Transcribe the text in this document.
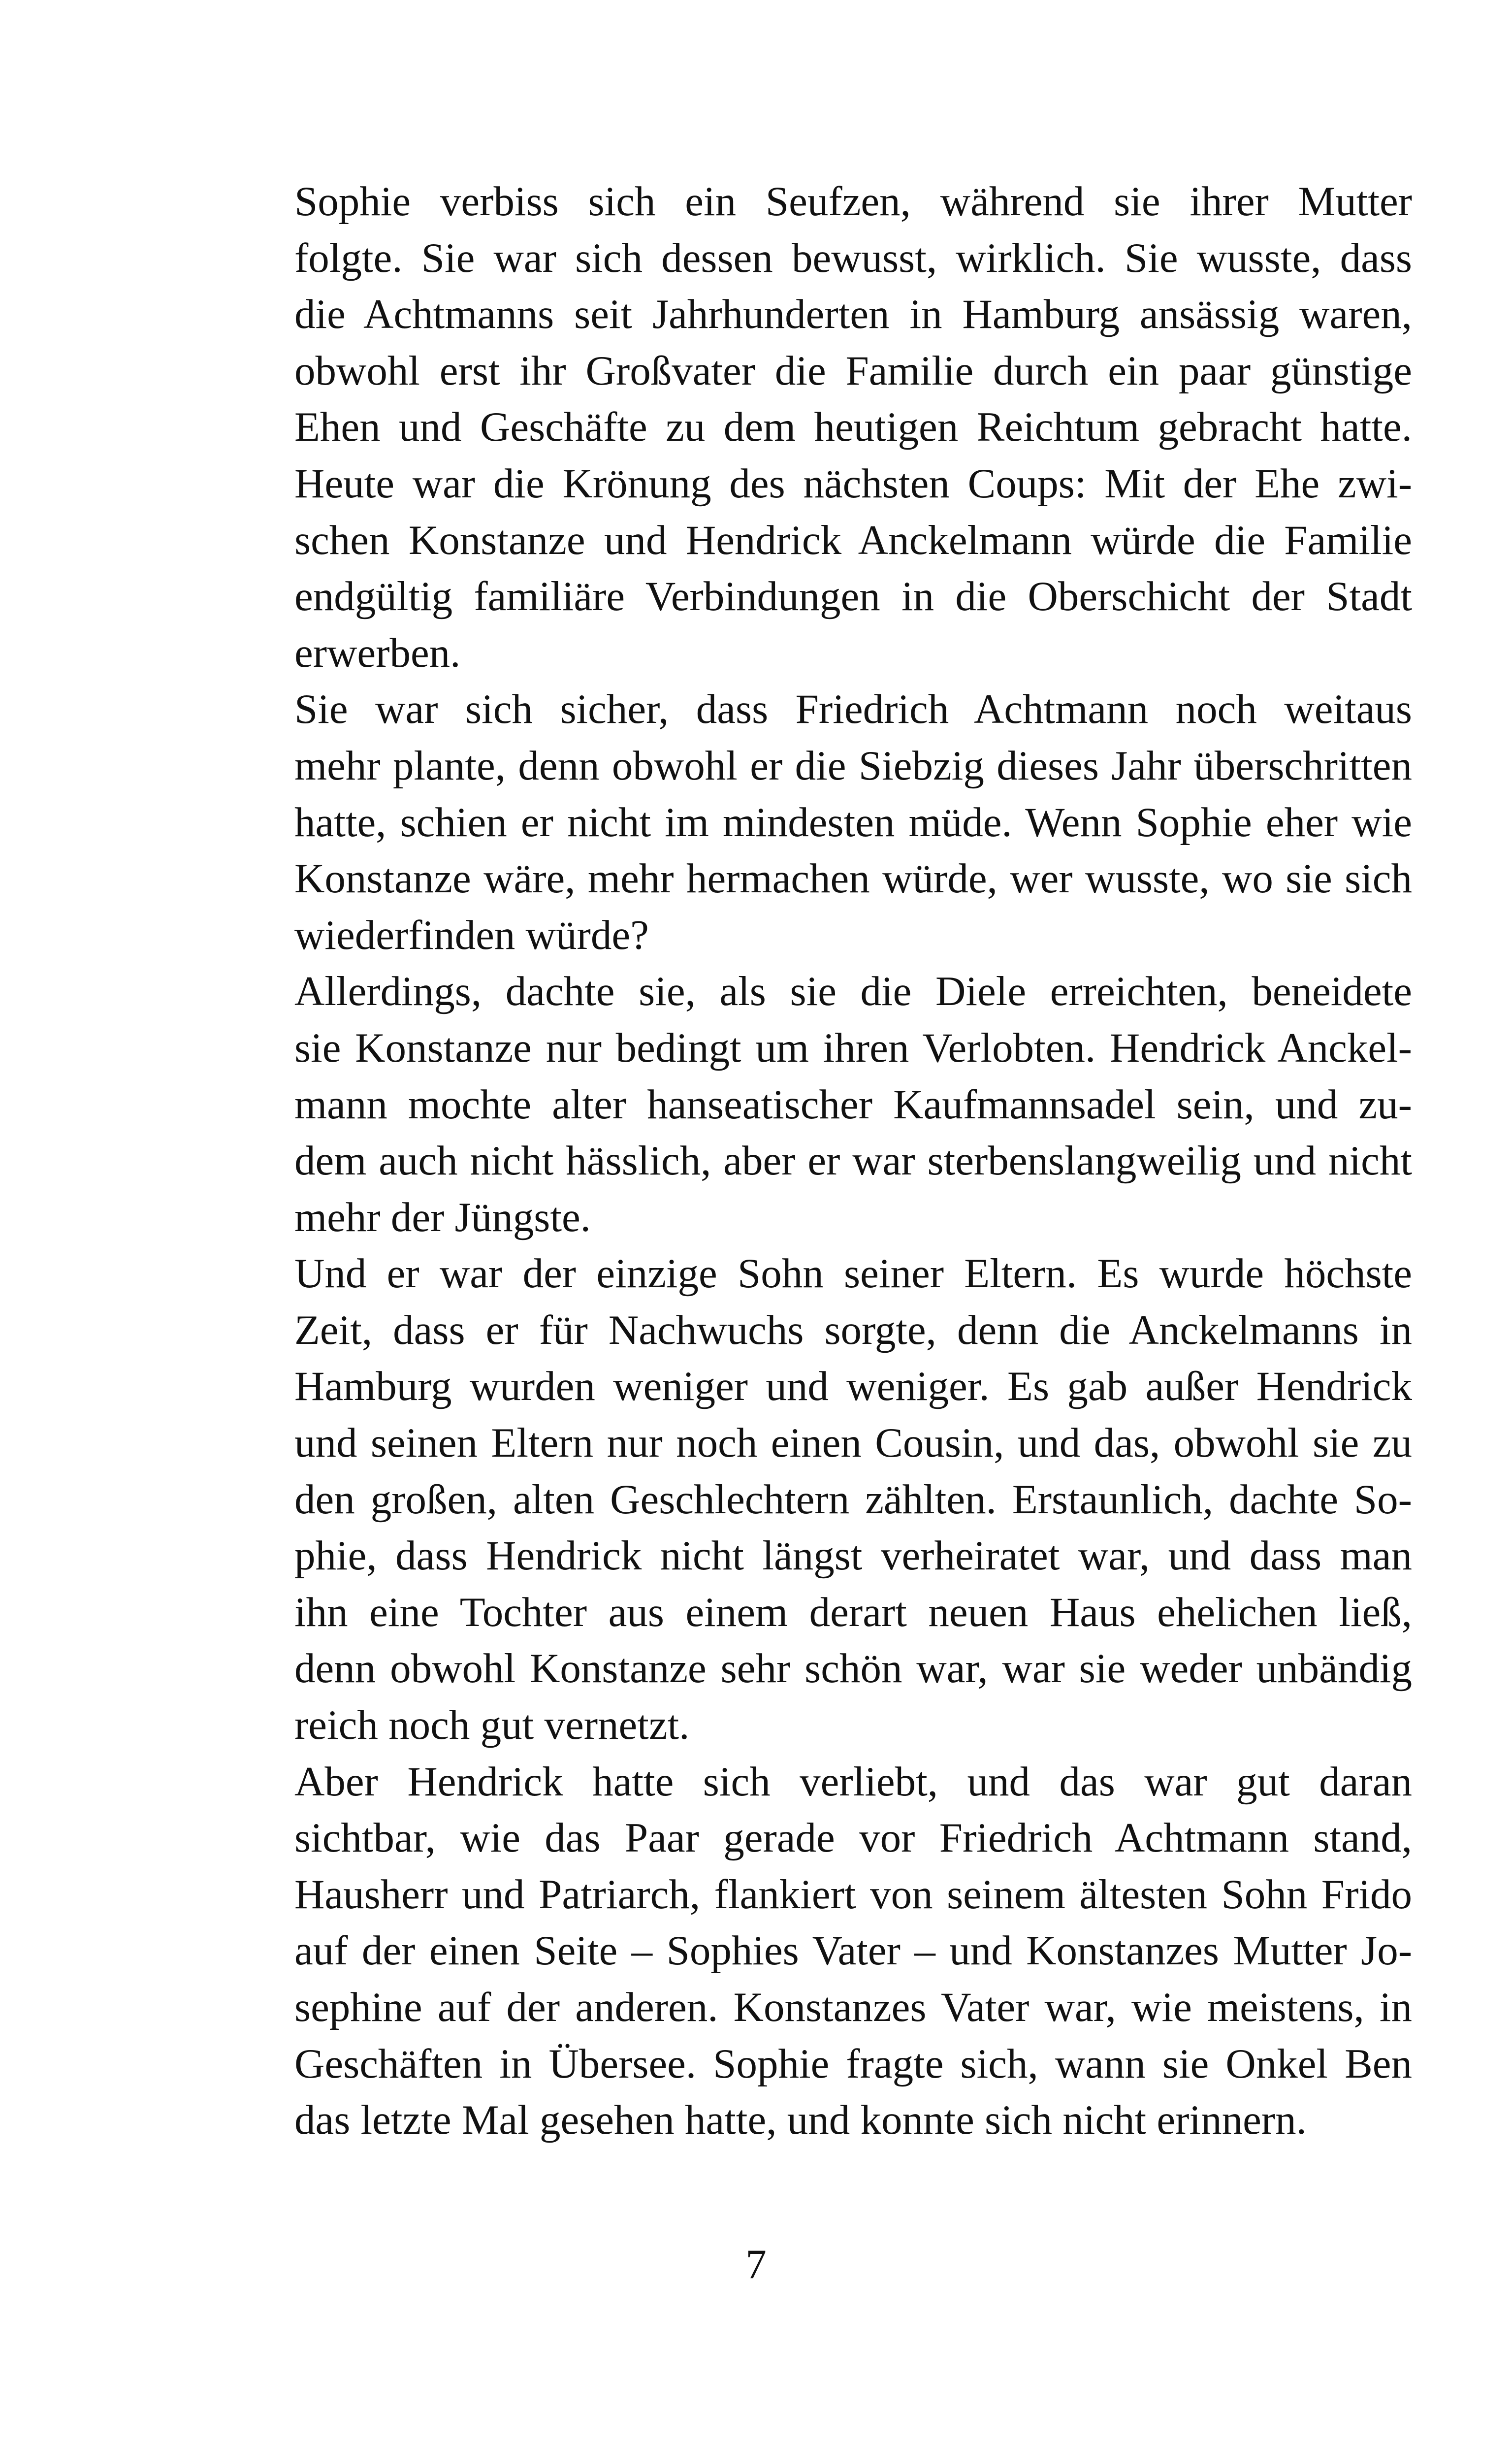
Sophie verbiss sich ein Seufzen, während sie ihrer Mutter
folgte. Sie war sich dessen bewusst, wirklich. Sie wusste, dass
die Achtmanns seit Jahrhunderten in Hamburg ansässig waren,
obwohl erst ihr Großvater die Familie durch ein paar günstige
Ehen und Geschäfte zu dem heutigen Reichtum gebracht hatte.
Heute war die Krönung des nächsten Coups: Mit der Ehe zwi-
schen Konstanze und Hendrick Anckelmann würde die Familie
endgültig familiäre Verbindungen in die Oberschicht der Stadt
erwerben.

Sie war sich sicher, dass Friedrich Achtmann noch weitaus
mehr plante, denn obwohl er die Siebzig dieses Jahr überschritten
hatte, schien er nicht im mindesten müde. Wenn Sophie eher wie
Konstanze wäre, mehr hermachen würde, wer wusste, wo sie sich
wiederfinden würde?

Allerdings, dachte sie, als sie die Diele erreichten, beneidete
sie Konstanze nur bedingt um ihren Verlobten. Hendrick Anckel-
mann mochte alter hanseatischer Kaufmannsadel sein, und zu-
dem auch nicht hässlich, aber er war sterbenslangweilig und nicht
mehr der Jüngste.

Und er war der einzige Sohn seiner Eltern. Es wurde höchste
Zeit, dass er für Nachwuchs sorgte, denn die Anckelmanns in
Hamburg wurden weniger und weniger. Es gab außer Hendrick
und seinen Eltern nur noch einen Cousin, und das, obwohl sie zu
den großen, alten Geschlechtern zählten. Erstaunlich, dachte So-
phie, dass Hendrick nicht längst verheiratet war, und dass man
ihn eine Tochter aus einem derart neuen Haus ehelichen ließ,
denn obwohl Konstanze sehr schön war, war sie weder unbändig
reich noch gut vernetzt.

Aber Hendrick hatte sich verliebt, und das war gut daran
sichtbar, wie das Paar gerade vor Friedrich Achtmann stand,
Hausherr und Patriarch, flankiert von seinem ältesten Sohn Frido
auf der einen Seite – Sophies Vater – und Konstanzes Mutter Jo-
sephine auf der anderen. Konstanzes Vater war, wie meistens, in
Geschäften in Übersee. Sophie fragte sich, wann sie Onkel Ben
das letzte Mal gesehen hatte, und konnte sich nicht erinnern.

7
